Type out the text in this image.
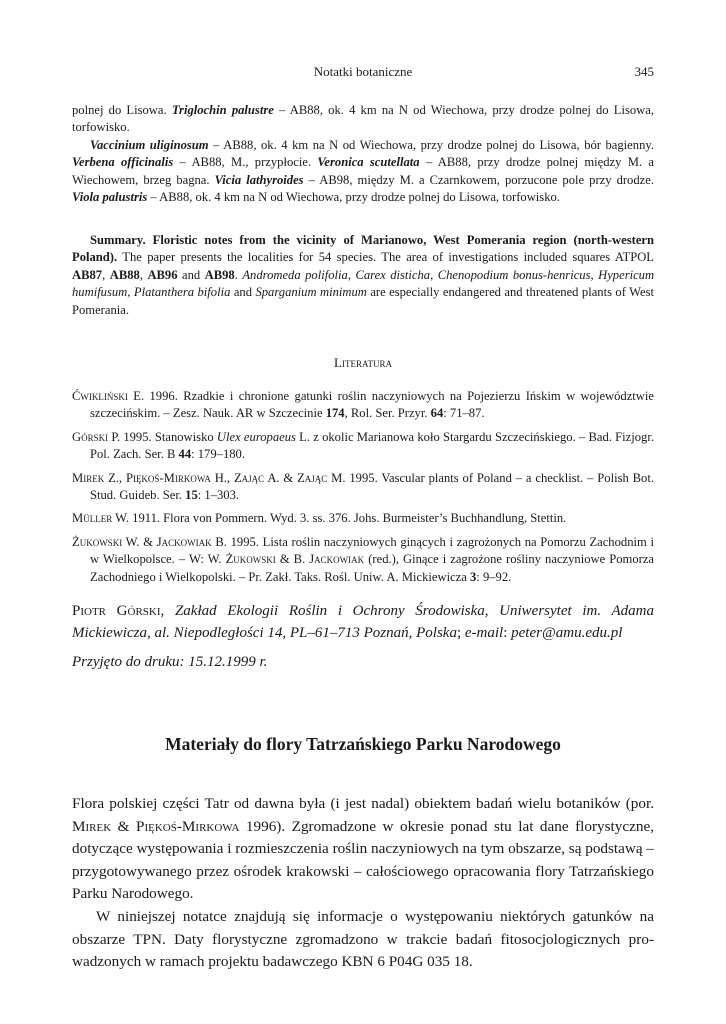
Notatki botaniczne	345

polnej do Lisowa. Triglochin palustre – AB88, ok. 4 km na N od Wiechowa, przy drodze polnej do Lisowa, torfowisko.

Vaccinium uliginosum – AB88, ok. 4 km na N od Wiechowa, przy drodze polnej do Lisowa, bór bagienny. Verbena officinalis – AB88, M., przypłocie. Veronica scutellata – AB88, przy drodze polnej między M. a Wiechowem, brzeg bagna. Vicia lathyroides – AB98, między M. a Czarnkowem, porzucone pole przy drodze. Viola palustris – AB88, ok. 4 km na N od Wiechowa, przy drodze polnej do Lisowa, torfowisko.

Summary. Floristic notes from the vicinity of Marianowo, West Pomerania region (north-western Poland). The paper presents the localities for 54 species. The area of investigations included squares ATPOL AB87, AB88, AB96 and AB98. Andromeda polifolia, Carex disticha, Chenopodium bonus-henricus, Hypericum humifusum, Platanthera bifolia and Sparganium minimum are especially endangered and threatened plants of West Pomerania.

Literatura

Ćwikliński E. 1996. Rzadkie i chronione gatunki roślin naczyniowych na Pojezierzu Ińskim w województwie szczecińskim. – Zesz. Nauk. AR w Szczecinie 174, Rol. Ser. Przyr. 64: 71–87.

Górski P. 1995. Stanowisko Ulex europaeus L. z okolic Marianowa koło Stargardu Szczecińskiego. – Bad. Fizjogr. Pol. Zach. Ser. B 44: 179–180.

Mirek Z., Piękoś-Mirkowa H., Zając A. & Zając M. 1995. Vascular plants of Poland – a checklist. – Polish Bot. Stud. Guideb. Ser. 15: 1–303.

Müller W. 1911. Flora von Pommern. Wyd. 3. ss. 376. Johs. Burmeister’s Buchhandlung, Stettin.

Żukowski W. & Jackowiak B. 1995. Lista roślin naczyniowych ginących i zagrożonych na Pomorzu Zachodnim i w Wielkopolsce. – W: W. Żukowski & B. Jackowiak (red.), Ginące i zagrożone rośliny naczyniowe Pomorza Zachodniego i Wielkopolski. – Pr. Zakł. Taks. Rośl. Uniw. A. Mickiewicza 3: 9–92.

Piotr Górski, Zakład Ekologii Roślin i Ochrony Środowiska, Uniwersytet im. Adama Mickiewicza, al. Niepodległości 14, PL–61–713 Poznań, Polska; e-mail: peter@amu.edu.pl

Przyjęto do druku: 15.12.1999 r.

Materiały do flory Tatrzańskiego Parku Narodowego

Flora polskiej części Tatr od dawna była (i jest nadal) obiektem badań wielu botaników (por. Mirek & Piękoś-Mirkowa 1996). Zgromadzone w okresie ponad stu lat dane florystyczne, dotyczące występowania i rozmieszczenia roślin naczyniowych na tym obszarze, są podstawą – przygotowywanego przez ośrodek krakowski – całościowego opracowania flory Tatrzańskiego Parku Narodowego.

W niniejszej notatce znajdują się informacje o występowaniu niektórych gatunków na obszarze TPN. Daty florystyczne zgromadzono w trakcie badań fitosocjologicznych prowadzonych w ramach projektu badawczego KBN 6 P04G 035 18.
